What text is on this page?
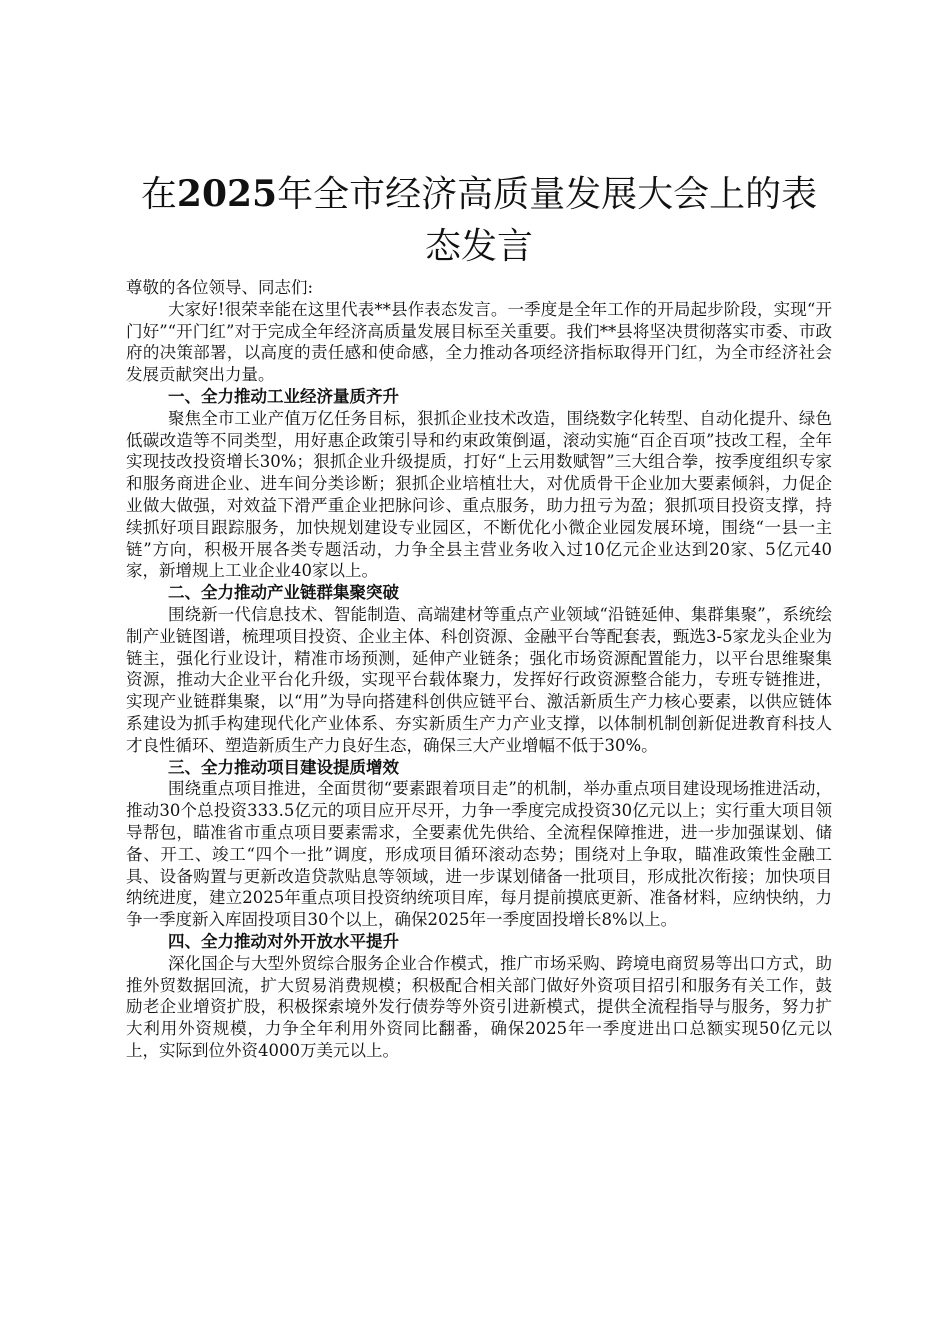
在2025年全市经济高质量发展大会上的表态发言

尊敬的各位领导、同志们:

大家好!很荣幸能在这里代表**县作表态发言。一季度是全年工作的开局起步阶段，实现“开门好”“开门红”对于完成全年经济高质量发展目标至关重要。我们**县将坚决贯彻落实市委、市政府的决策部署，以高度的责任感和使命感，全力推动各项经济指标取得开门红，为全市经济社会发展贡献突出力量。

一、全力推动工业经济量质齐升

聚焦全市工业产值万亿任务目标，狠抓企业技术改造，围绕数字化转型、自动化提升、绿色低碳改造等不同类型，用好惠企政策引导和约束政策倒逼，滚动实施“百企百项”技改工程，全年实现技改投资增长30%；狠抓企业升级提质，打好“上云用数赋智”三大组合拳，按季度组织专家和服务商进企业、进车间分类诊断；狠抓企业培植壮大，对优质骨干企业加大要素倾斜，力促企业做大做强，对效益下滑严重企业把脉问诊、重点服务，助力扭亏为盈；狠抓项目投资支撑，持续抓好项目跟踪服务，加快规划建设专业园区，不断优化小微企业园发展环境，围绕“一县一主链”方向，积极开展各类专题活动，力争全县主营业务收入过10亿元企业达到20家、5亿元40家，新增规上工业企业40家以上。

二、全力推动产业链群集聚突破

围绕新一代信息技术、智能制造、高端建材等重点产业领域“沿链延伸、集群集聚”，系统绘制产业链图谱，梳理项目投资、企业主体、科创资源、金融平台等配套表，甄选3-5家龙头企业为链主，强化行业设计，精准市场预测，延伸产业链条；强化市场资源配置能力，以平台思维聚集资源，推动大企业平台化升级，实现平台载体聚力，发挥好行政资源整合能力，专班专链推进，实现产业链群集聚，以“用”为导向搭建科创供应链平台、激活新质生产力核心要素，以供应链体系建设为抓手构建现代化产业体系、夯实新质生产力产业支撑，以体制机制创新促进教育科技人才良性循环、塑造新质生产力良好生态，确保三大产业增幅不低于30%。

三、全力推动项目建设提质增效

围绕重点项目推进，全面贯彻“要素跟着项目走”的机制，举办重点项目建设现场推进活动，推动30个总投资333.5亿元的项目应开尽开，力争一季度完成投资30亿元以上；实行重大项目领导帮包，瞄准省市重点项目要素需求，全要素优先供给、全流程保障推进，进一步加强谋划、储备、开工、竣工“四个一批”调度，形成项目循环滚动态势；围绕对上争取，瞄准政策性金融工具、设备购置与更新改造贷款贴息等领域，进一步谋划储备一批项目，形成批次衔接；加快项目纳统进度，建立2025年重点项目投资纳统项目库，每月提前摸底更新、准备材料，应纳快纳，力争一季度新入库固投项目30个以上，确保2025年一季度固投增长8%以上。

四、全力推动对外开放水平提升

深化国企与大型外贸综合服务企业合作模式，推广市场采购、跨境电商贸易等出口方式，助推外贸数据回流，扩大贸易消费规模；积极配合相关部门做好外资项目招引和服务有关工作，鼓励老企业增资扩股，积极探索境外发行债券等外资引进新模式，提供全流程指导与服务，努力扩大利用外资规模，力争全年利用外资同比翻番，确保2025年一季度进出口总额实现50亿元以上，实际到位外资4000万美元以上。
